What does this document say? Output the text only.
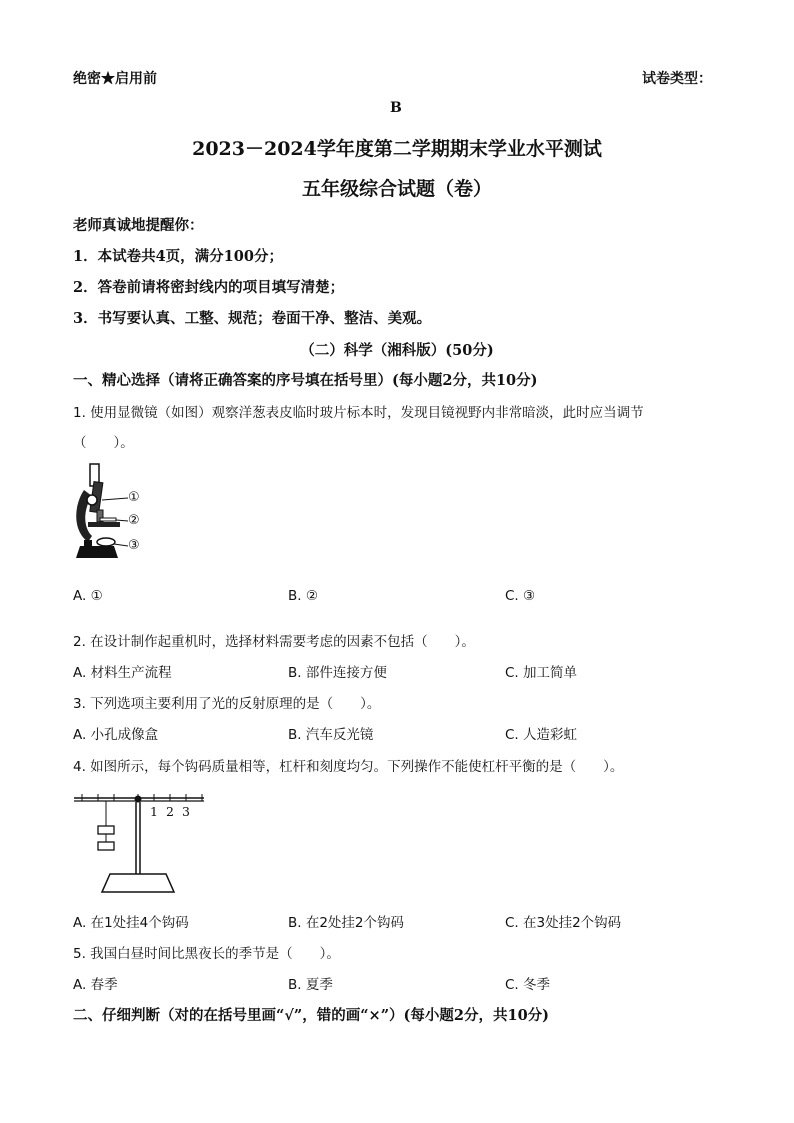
绝密★启用前	试卷类型：
B
2023－2024学年度第二学期期末学业水平测试
五年级综合试题（卷）
老师真诚地提醒你：
1．本试卷共4页，满分100分；
2．答卷前请将密封线内的项目填写清楚；
3．书写要认真、工整、规范；卷面干净、整洁、美观。
（二）科学（湘科版）(50分)
一、精心选择（请将正确答案的序号填在括号里）(每小题2分，共10分)
1. 使用显微镜（如图）观察洋葱表皮临时玻片标本时，发现目镜视野内非常暗淡，此时应当调节
（　　）。
①
②
③
A. ①	B. ②	C. ③
2. 在设计制作起重机时，选择材料需要考虑的因素不包括（　　）。
A. 材料生产流程	B. 部件连接方便	C. 加工简单
3. 下列选项主要利用了光的反射原理的是（　　）。
A. 小孔成像盒	B. 汽车反光镜	C. 人造彩虹
4. 如图所示，每个钩码质量相等，杠杆和刻度均匀。下列操作不能使杠杆平衡的是（　　）。
1 2 3
A. 在1处挂4个钩码	B. 在2处挂2个钩码	C. 在3处挂2个钩码
5. 我国白昼时间比黑夜长的季节是（　　）。
A. 春季	B. 夏季	C. 冬季
二、仔细判断（对的在括号里画“√”，错的画“×”）(每小题2分，共10分)
